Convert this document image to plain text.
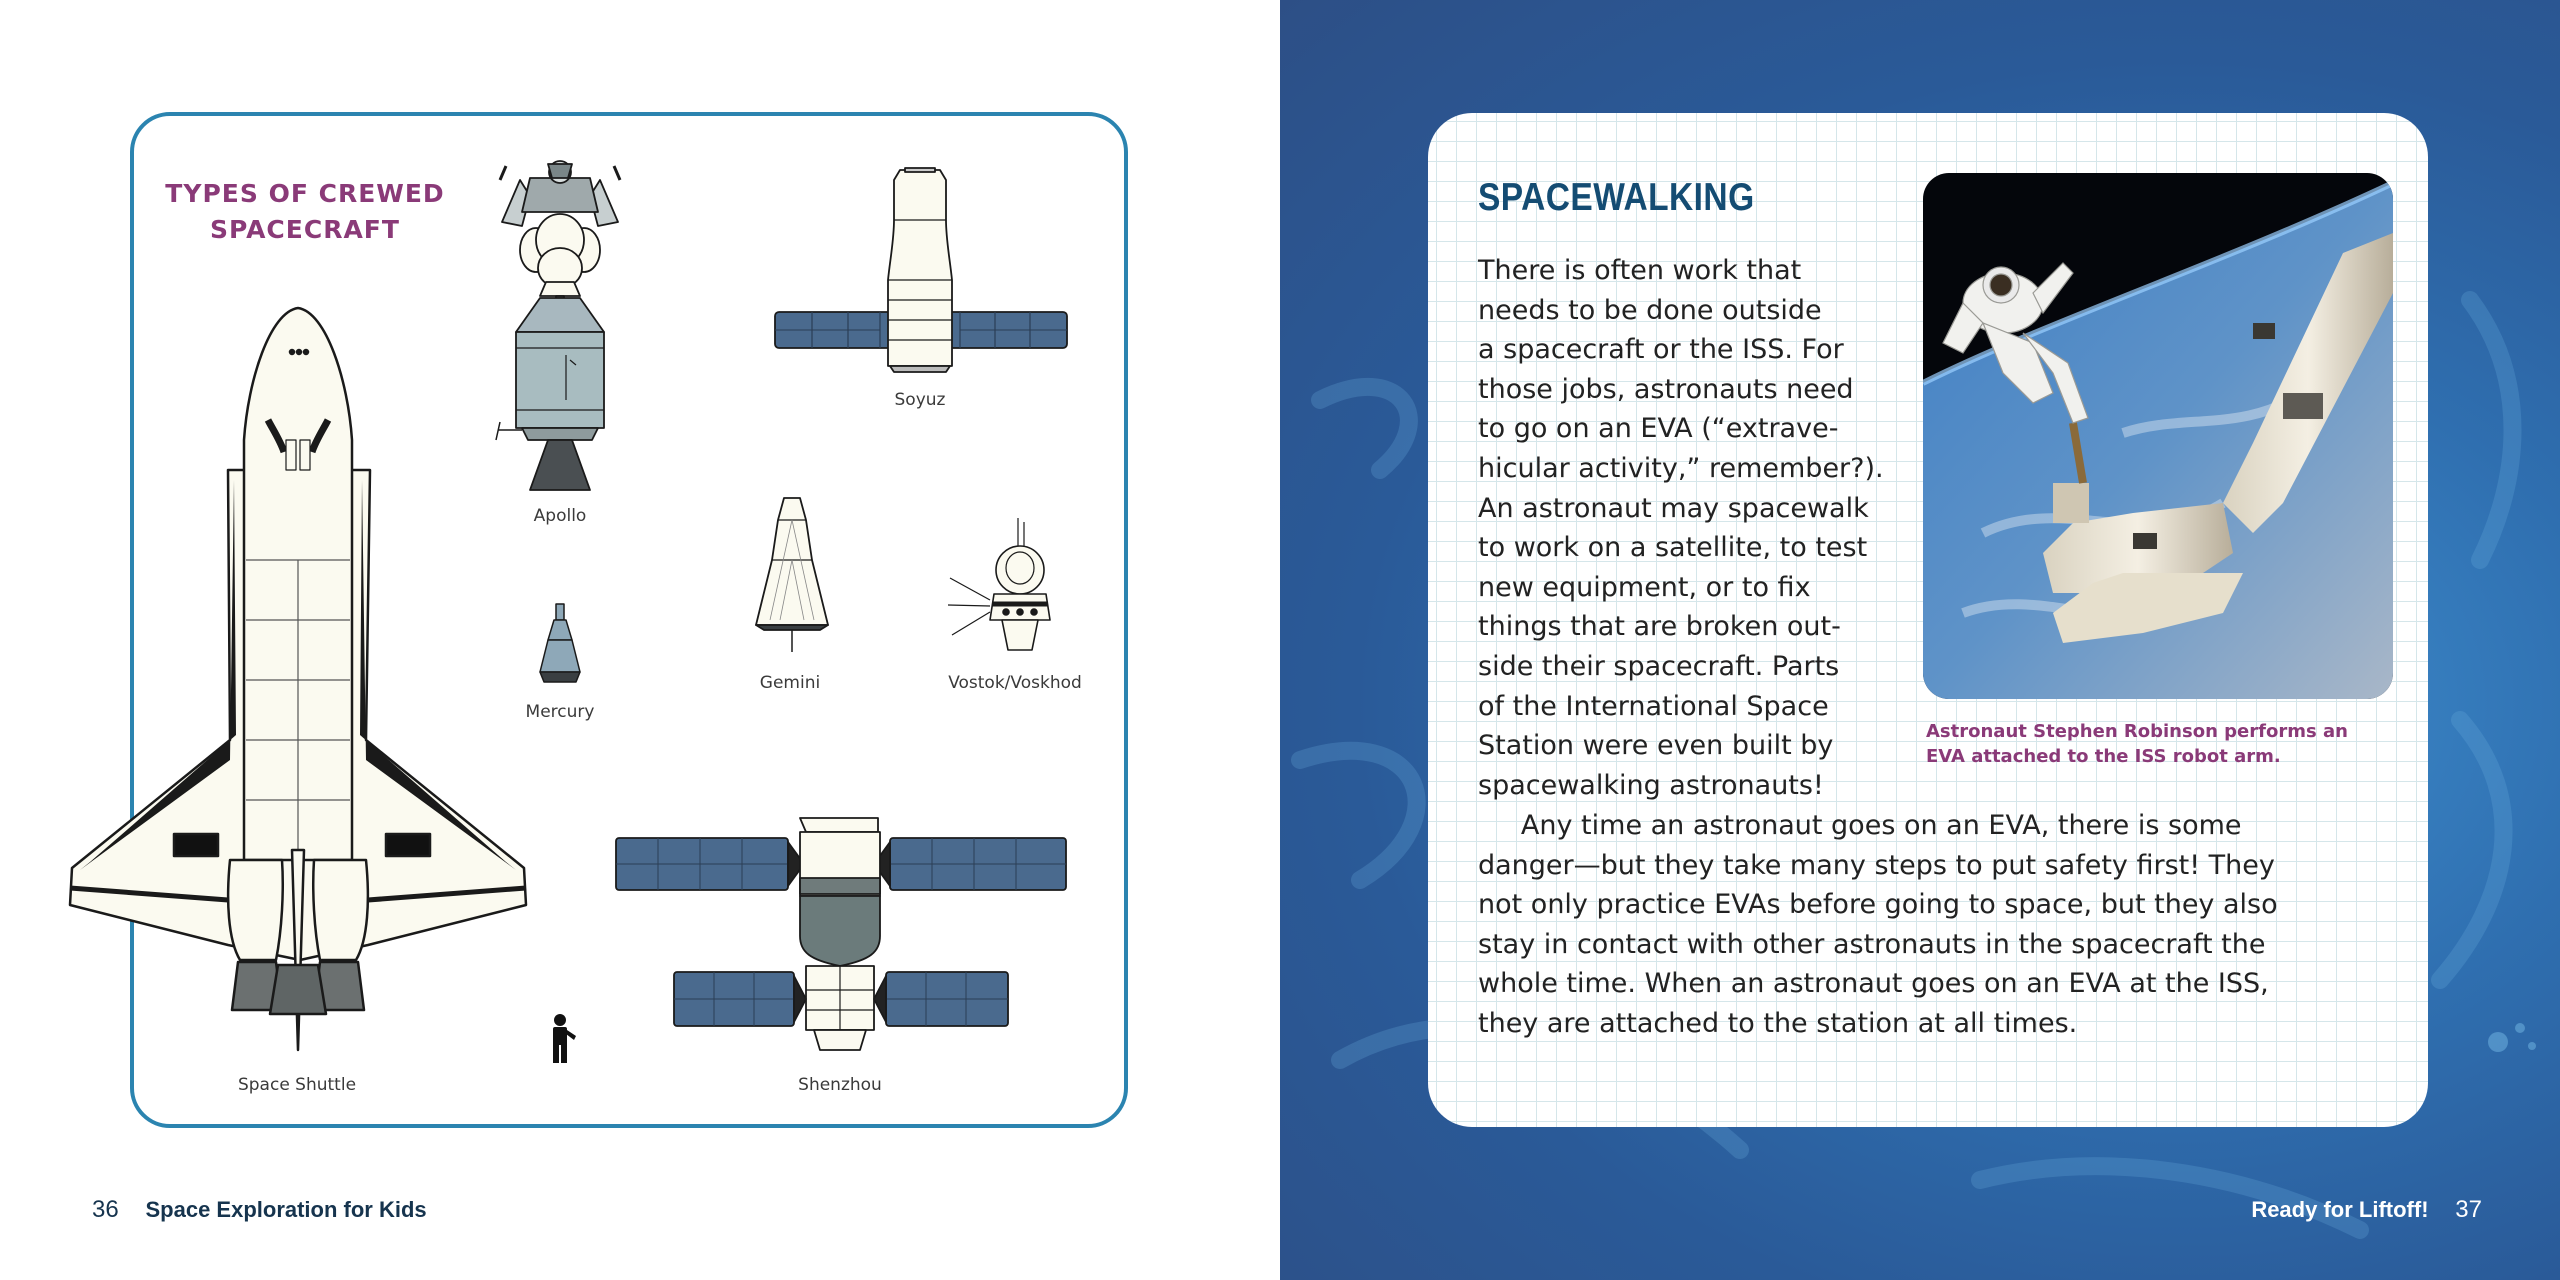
TYPES OF CREWED
SPACECRAFT
Apollo
Soyuz
Mercury
Gemini	Vostok/Voskhod
Space Shuttle	Shenzhou
36 Space Exploration for Kids
SPACEWALKING
Astronaut Stephen Robinson performs an
EVA attached to the ISS robot arm.
There is often work that
needs to be done outside
a spacecraft or the ISS. For
those jobs, astronauts need
to go on an EVA (“extrave-
hicular activity,” remember?).
An astronaut may spacewalk
to work on a satellite, to test
new equipment, or to fix
things that are broken out-
side their spacecraft. Parts
of the International Space
Station were even built by
spacewalking astronauts!
Any time an astronaut goes on an EVA, there is some
danger—but they take many steps to put safety first! They
not only practice EVAs before going to space, but they also
stay in contact with other astronauts in the spacecraft the
whole time. When an astronaut goes on an EVA at the ISS,
they are attached to the station at all times.
Ready for Liftoff! 37
